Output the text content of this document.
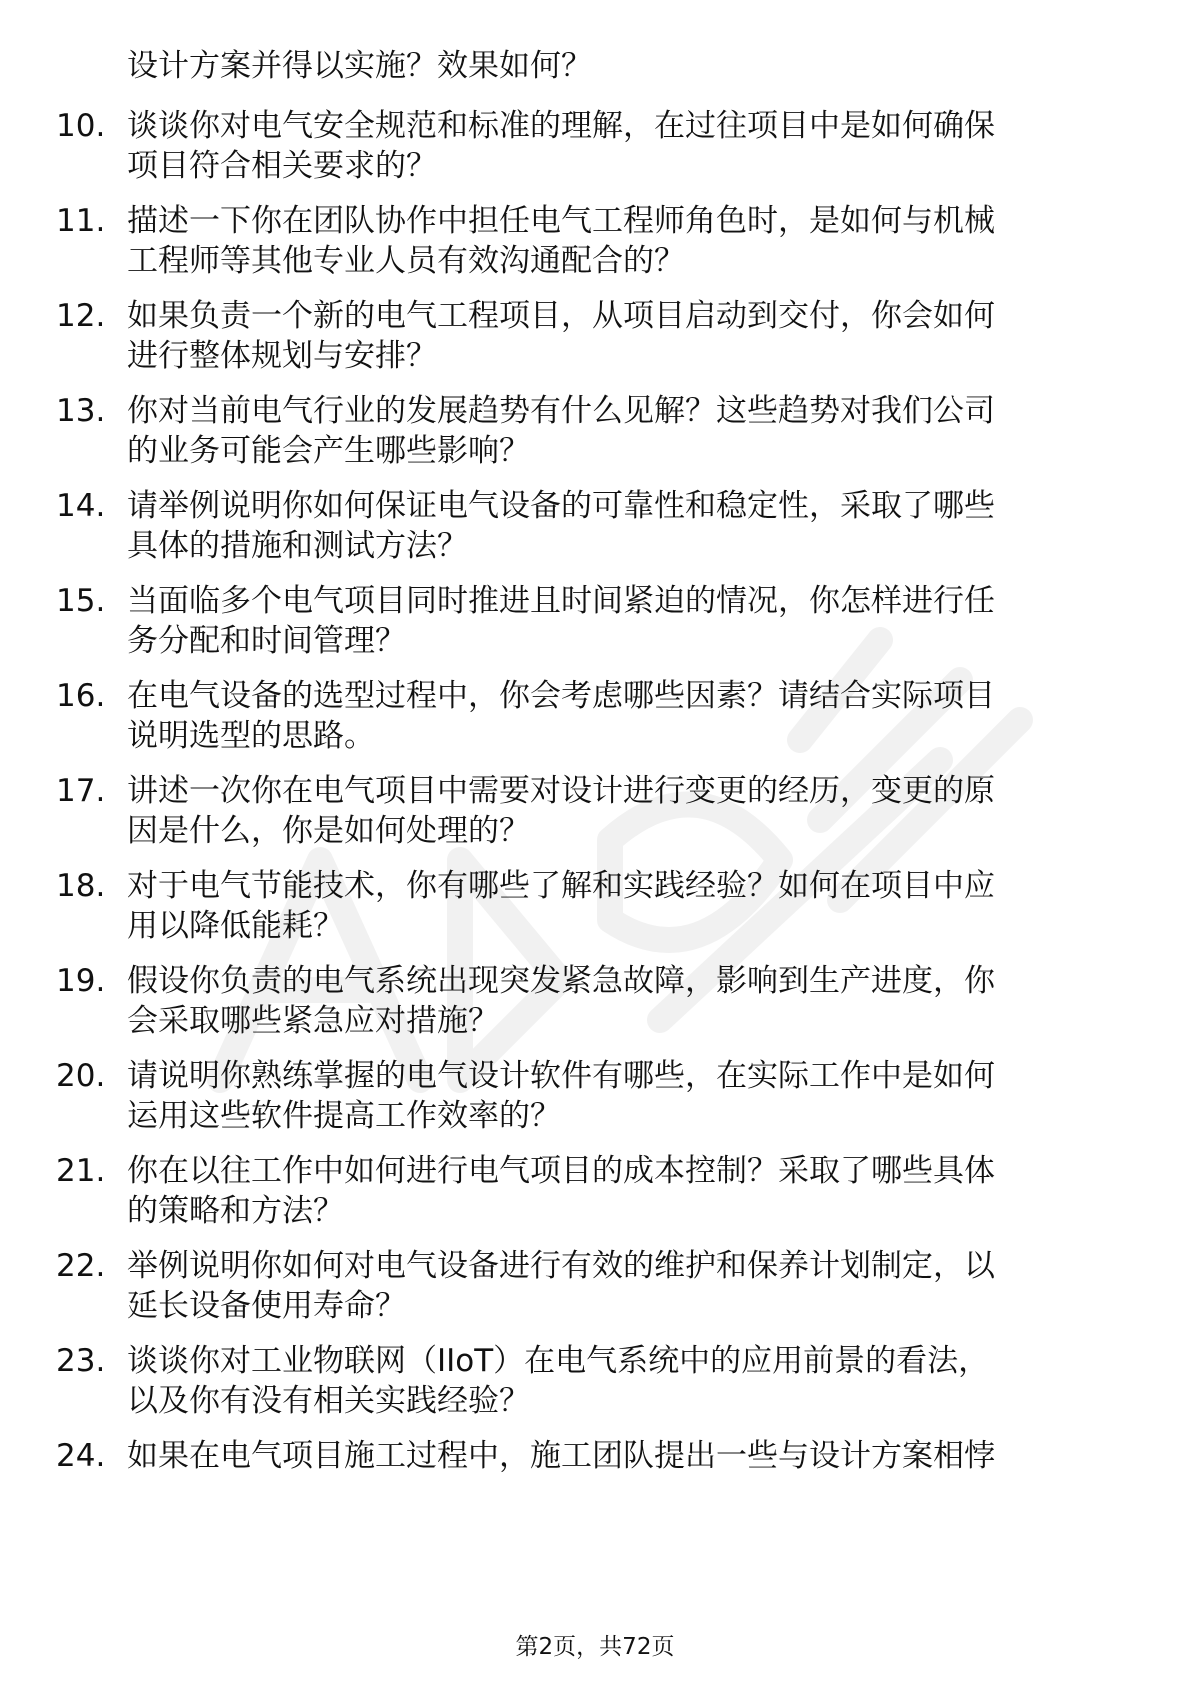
设计方案并得以实施？效果如何？
10. 谈谈你对电气安全规范和标准的理解，在过往项目中是如何确保
项目符合相关要求的？
11. 描述一下你在团队协作中担任电气工程师角色时，是如何与机械
工程师等其他专业人员有效沟通配合的？
12. 如果负责一个新的电气工程项目，从项目启动到交付，你会如何
进行整体规划与安排？
13. 你对当前电气行业的发展趋势有什么见解？这些趋势对我们公司
的业务可能会产生哪些影响？
14. 请举例说明你如何保证电气设备的可靠性和稳定性，采取了哪些
具体的措施和测试方法？
15. 当面临多个电气项目同时推进且时间紧迫的情况，你怎样进行任
务分配和时间管理？
16. 在电气设备的选型过程中，你会考虑哪些因素？请结合实际项目
说明选型的思路。
17. 讲述一次你在电气项目中需要对设计进行变更的经历，变更的原
因是什么，你是如何处理的？
18. 对于电气节能技术，你有哪些了解和实践经验？如何在项目中应
用以降低能耗？
19. 假设你负责的电气系统出现突发紧急故障，影响到生产进度，你
会采取哪些紧急应对措施？
20. 请说明你熟练掌握的电气设计软件有哪些，在实际工作中是如何
运用这些软件提高工作效率的？
21. 你在以往工作中如何进行电气项目的成本控制？采取了哪些具体
的策略和方法？
22. 举例说明你如何对电气设备进行有效的维护和保养计划制定，以
延长设备使用寿命？
23. 谈谈你对工业物联网（IIoT）在电气系统中的应用前景的看法，
以及你有没有相关实践经验？
24. 如果在电气项目施工过程中，施工团队提出一些与设计方案相悖
第2页，共72页
